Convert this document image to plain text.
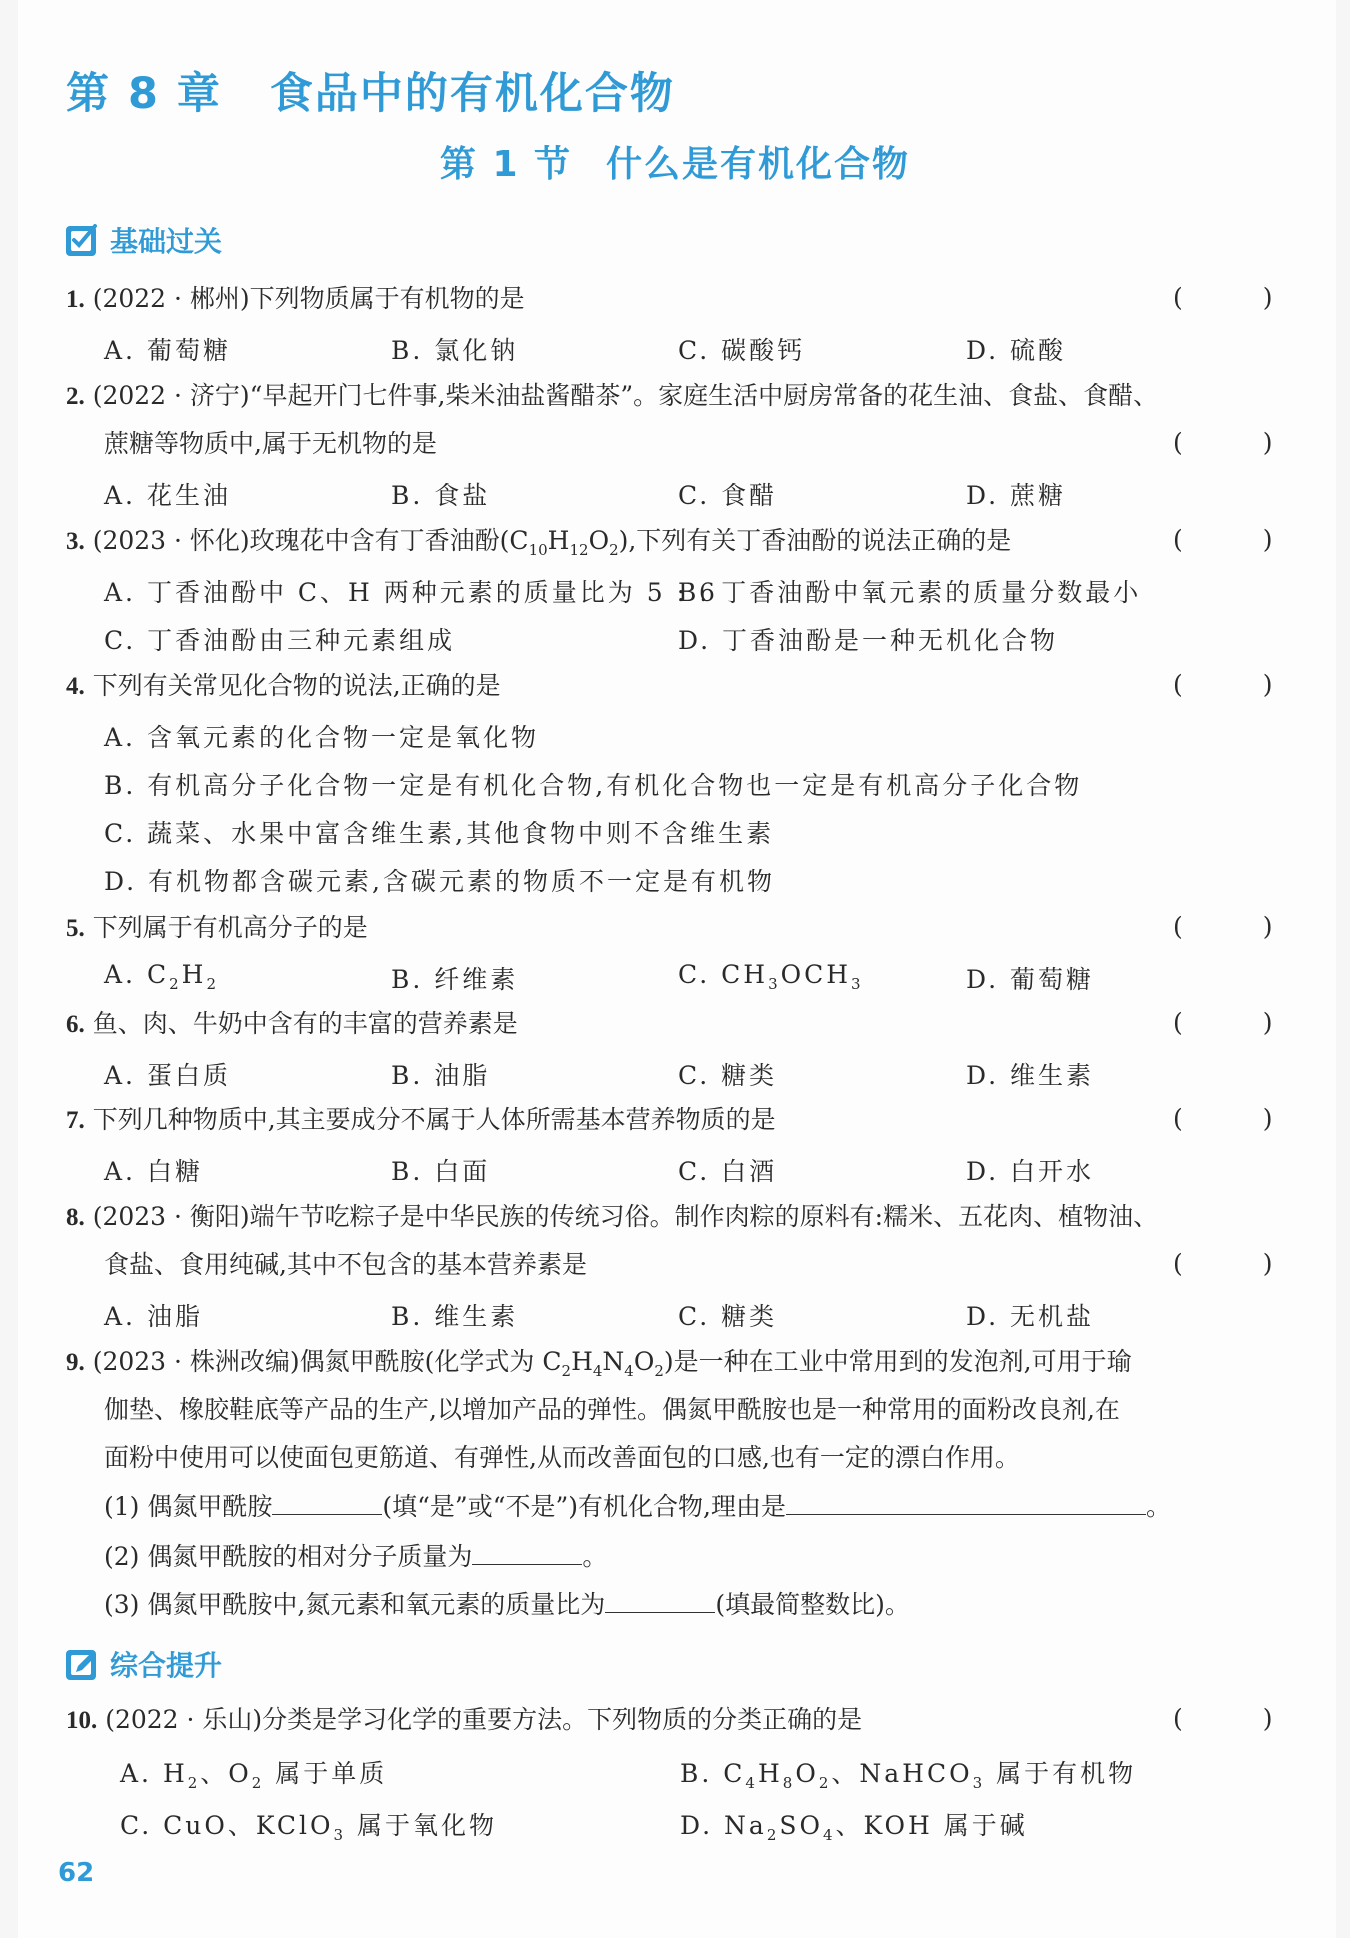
第 8 章 食品中的有机化合物
第 1 节 什么是有机化合物
基础过关
1. (2022 · 郴州)下列物质属于有机物的是	( )
A. 葡萄糖	B. 氯化钠	C. 碳酸钙	D. 硫酸
2. (2022 · 济宁)“早起开门七件事,柴米油盐酱醋茶”。家庭生活中厨房常备的花生油、食盐、食醋、
蔗糖等物质中,属于无机物的是	( )
A. 花生油	B. 食盐	C. 食醋	D. 蔗糖
3. (2023 · 怀化)玫瑰花中含有丁香油酚$(C_{10}H_{12}O_2)$,下列有关丁香油酚的说法正确的是	( )
A. 丁香油酚中 C、H 两种元素的质量比为 5 : 6
B. 丁香油酚中氧元素的质量分数最小
C. 丁香油酚由三种元素组成	D. 丁香油酚是一种无机化合物
4. 下列有关常见化合物的说法,正确的是	( )
A. 含氧元素的化合物一定是氧化物
B. 有机高分子化合物一定是有机化合物,有机化合物也一定是有机高分子化合物
C. 蔬菜、水果中富含维生素,其他食物中则不含维生素
D. 有机物都含碳元素,含碳元素的物质不一定是有机物
5. 下列属于有机高分子的是	( )
A. $C_2H_2$	B. 纤维素	C. $CH_3OCH_3$	D. 葡萄糖
6. 鱼、肉、牛奶中含有的丰富的营养素是	( )
A. 蛋白质	B. 油脂	C. 糖类	D. 维生素
7. 下列几种物质中,其主要成分不属于人体所需基本营养物质的是	( )
A. 白糖	B. 白面	C. 白酒	D. 白开水
8. (2023 · 衡阳)端午节吃粽子是中华民族的传统习俗。制作肉粽的原料有:糯米、五花肉、植物油、
食盐、食用纯碱,其中不包含的基本营养素是	( )
A. 油脂	B. 维生素	C. 糖类	D. 无机盐
9. (2023 · 株洲改编)偶氮甲酰胺(化学式为 $C_2H_4N_4O_2$)是一种在工业中常用到的发泡剂,可用于瑜
伽垫、橡胶鞋底等产品的生产,以增加产品的弹性。偶氮甲酰胺也是一种常用的面粉改良剂,在
面粉中使用可以使面包更筋道、有弹性,从而改善面包的口感,也有一定的漂白作用。
(1) 偶氮甲酰胺	(填“是”或“不是”)有机化合物,理由是	。
(2) 偶氮甲酰胺的相对分子质量为	。
(3) 偶氮甲酰胺中,氮元素和氧元素的质量比为	(填最简整数比)。
综合提升
10. (2022 · 乐山)分类是学习化学的重要方法。下列物质的分类正确的是	( )
A. $H_2$、$O_2$ 属于单质	B. $C_4H_8O_2$、NaHCO$_3$ 属于有机物
C. CuO、KClO$_3$ 属于氧化物	D. $Na_2SO_4$、KOH 属于碱
62
